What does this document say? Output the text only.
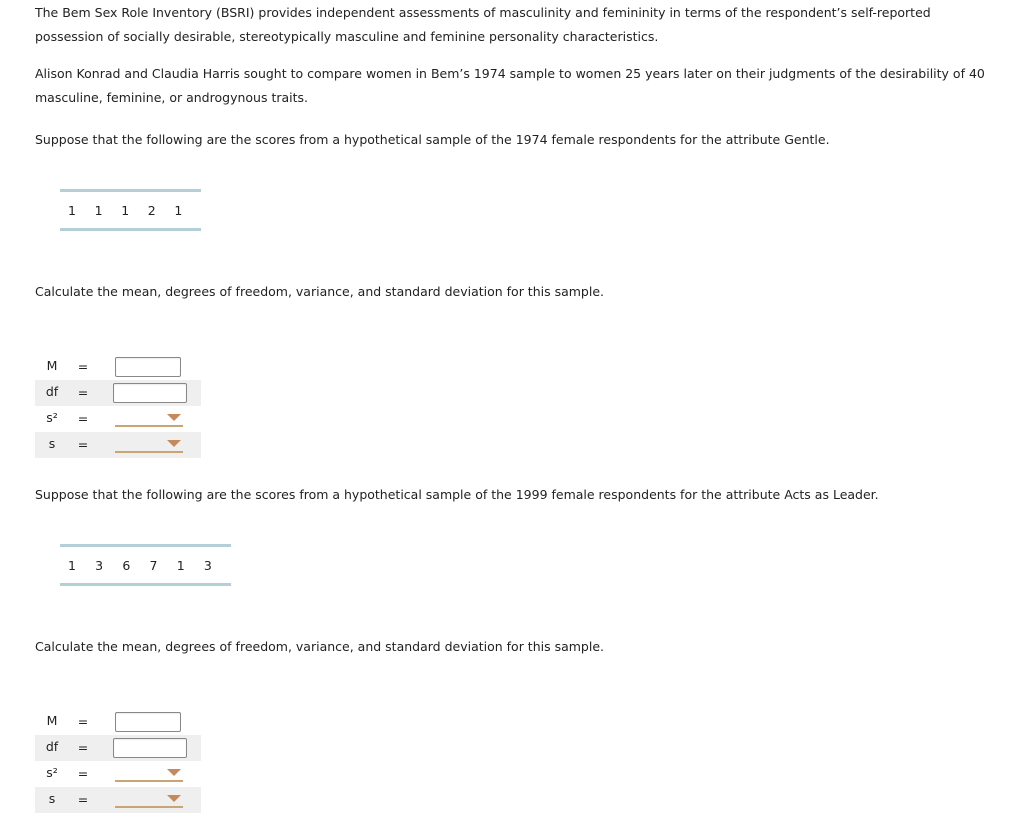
The Bem Sex Role Inventory (BSRI) provides independent assessments of masculinity and femininity in terms of the respondent’s self-reported possession of socially desirable, stereotypically masculine and feminine personality characteristics.

Alison Konrad and Claudia Harris sought to compare women in Bem’s 1974 sample to women 25 years later on their judgments of the desirability of 40 masculine, feminine, or androgynous traits.

Suppose that the following are the scores from a hypothetical sample of the 1974 female respondents for the attribute Gentle.

1	1	1	2	1

Calculate the mean, degrees of freedom, variance, and standard deviation for this sample.

M	=
df	=
s²	=
s	=

Suppose that the following are the scores from a hypothetical sample of the 1999 female respondents for the attribute Acts as Leader.

1	3	6	7	1	3

Calculate the mean, degrees of freedom, variance, and standard deviation for this sample.

M	=
df	=
s²	=
s	=
